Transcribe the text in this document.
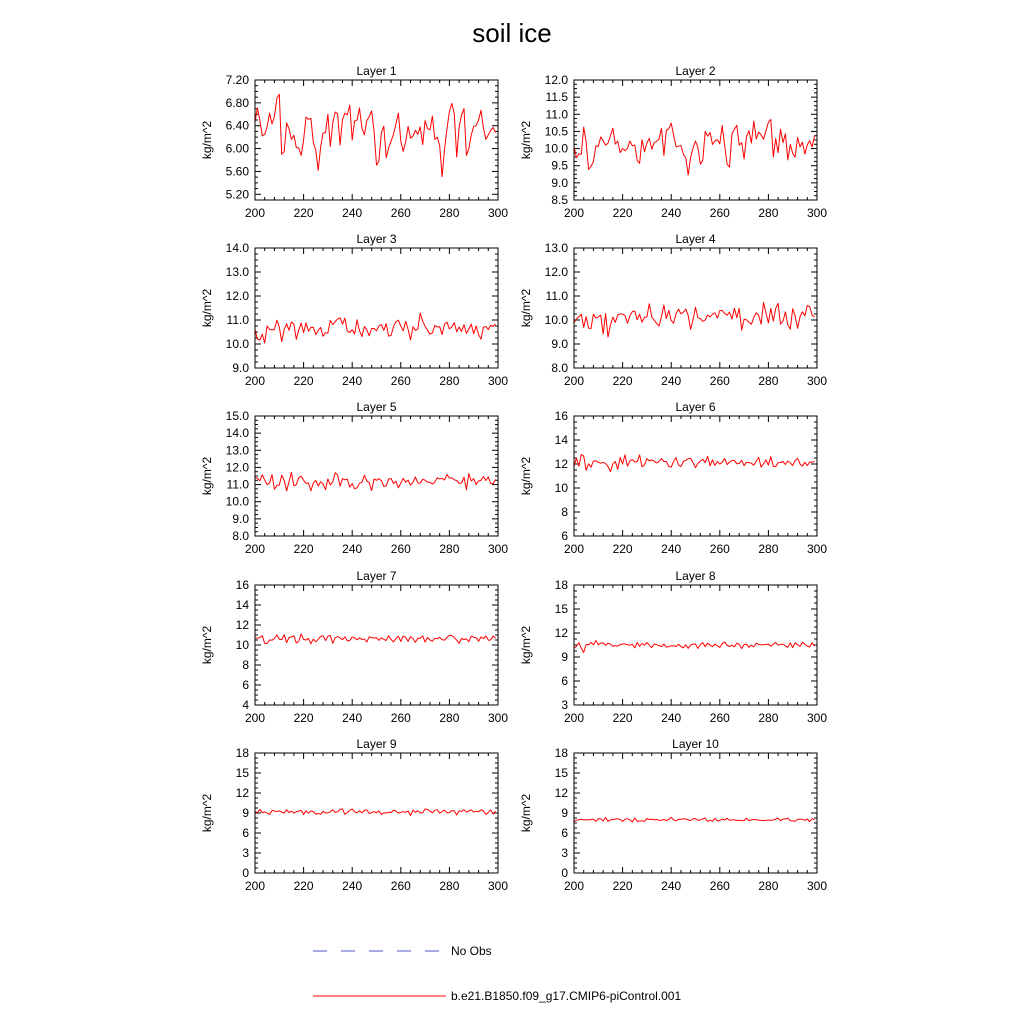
soil ice
Layer 1
kg/m^2
200 220 240 260 280 300
5.20
5.60
6.00
6.40
6.80
7.20
Layer 2
kg/m^2
200 220 240 260 280 300
8.5
9.0
9.5
10.0
10.5
11.0
11.5
12.0
Layer 3
kg/m^2
200 220 240 260 280 300
9.0
10.0
11.0
12.0
13.0
14.0
Layer 4
kg/m^2
200 220 240 260 280 300
8.0
9.0
10.0
11.0
12.0
13.0
Layer 5
kg/m^2
200 220 240 260 280 300
8.0
9.0
10.0
11.0
12.0
13.0
14.0
15.0
Layer 6
kg/m^2
200 220 240 260 280 300
6
8
10
12
14
16
Layer 7
kg/m^2
200 220 240 260 280 300
4
6
8
10
12
14
16
Layer 8
kg/m^2
200 220 240 260 280 300
3
6
9
12
15
18
Layer 9
kg/m^2
200 220 240 260 280 300
0
3
6
9
12
15
18
Layer 10
kg/m^2
200 220 240 260 280 300
0
3
6
9
12
15
18
No Obs
b.e21.B1850.f09_g17.CMIP6-piControl.001
